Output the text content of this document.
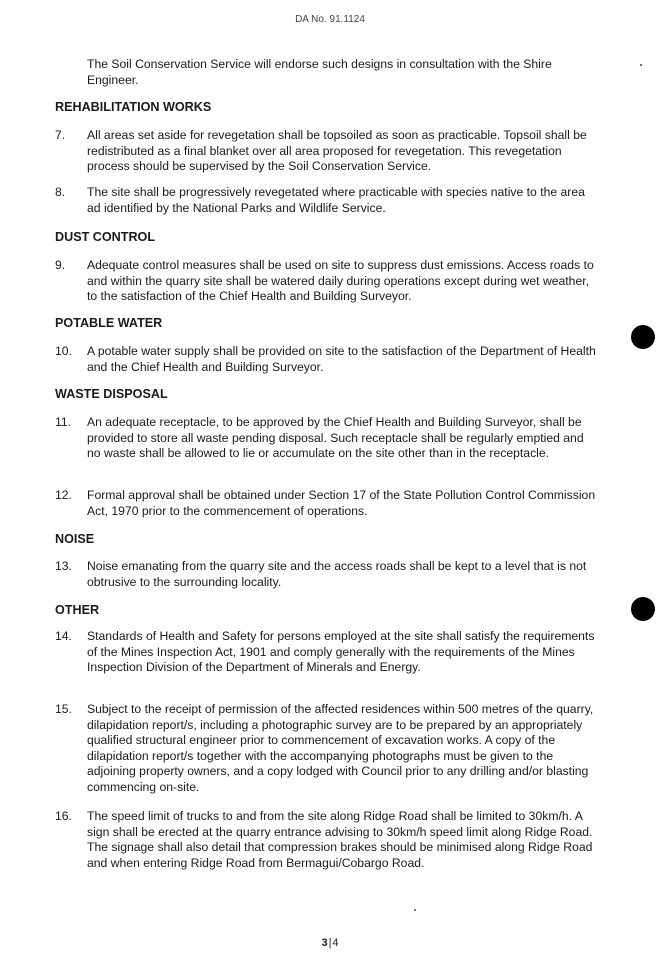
DA No. 91.1124
The Soil Conservation Service will endorse such designs in consultation with the Shire Engineer.
REHABILITATION WORKS
7.	All areas set aside for revegetation shall be topsoiled as soon as practicable. Topsoil shall be redistributed as a final blanket over all area proposed for revegetation. This revegetation process should be supervised by the Soil Conservation Service.
8.	The site shall be progressively revegetated where practicable with species native to the area ad identified by the National Parks and Wildlife Service.
DUST CONTROL
9.	Adequate control measures shall be used on site to suppress dust emissions. Access roads to and within the quarry site shall be watered daily during operations except during wet weather, to the satisfaction of the Chief Health and Building Surveyor.
POTABLE WATER
10.	A potable water supply shall be provided on site to the satisfaction of the Department of Health and the Chief Health and Building Surveyor.
WASTE DISPOSAL
11.	An adequate receptacle, to be approved by the Chief Health and Building Surveyor, shall be provided to store all waste pending disposal. Such receptacle shall be regularly emptied and no waste shall be allowed to lie or accumulate on the site other than in the receptacle.
12.	Formal approval shall be obtained under Section 17 of the State Pollution Control Commission Act, 1970 prior to the commencement of operations.
NOISE
13.	Noise emanating from the quarry site and the access roads shall be kept to a level that is not obtrusive to the surrounding locality.
OTHER
14.	Standards of Health and Safety for persons employed at the site shall satisfy the requirements of the Mines Inspection Act, 1901 and comply generally with the requirements of the Mines Inspection Division of the Department of Minerals and Energy.
15.	Subject to the receipt of permission of the affected residences within 500 metres of the quarry, dilapidation report/s, including a photographic survey are to be prepared by an appropriately qualified structural engineer prior to commencement of excavation works. A copy of the dilapidation report/s together with the accompanying photographs must be given to the adjoining property owners, and a copy lodged with Council prior to any drilling and/or blasting commencing on-site.
16.	The speed limit of trucks to and from the site along Ridge Road shall be limited to 30km/h. A sign shall be erected at the quarry entrance advising to 30km/h speed limit along Ridge Road. The signage shall also detail that compression brakes should be minimised along Ridge Road and when entering Ridge Road from Bermagui/Cobargo Road.
3|4
